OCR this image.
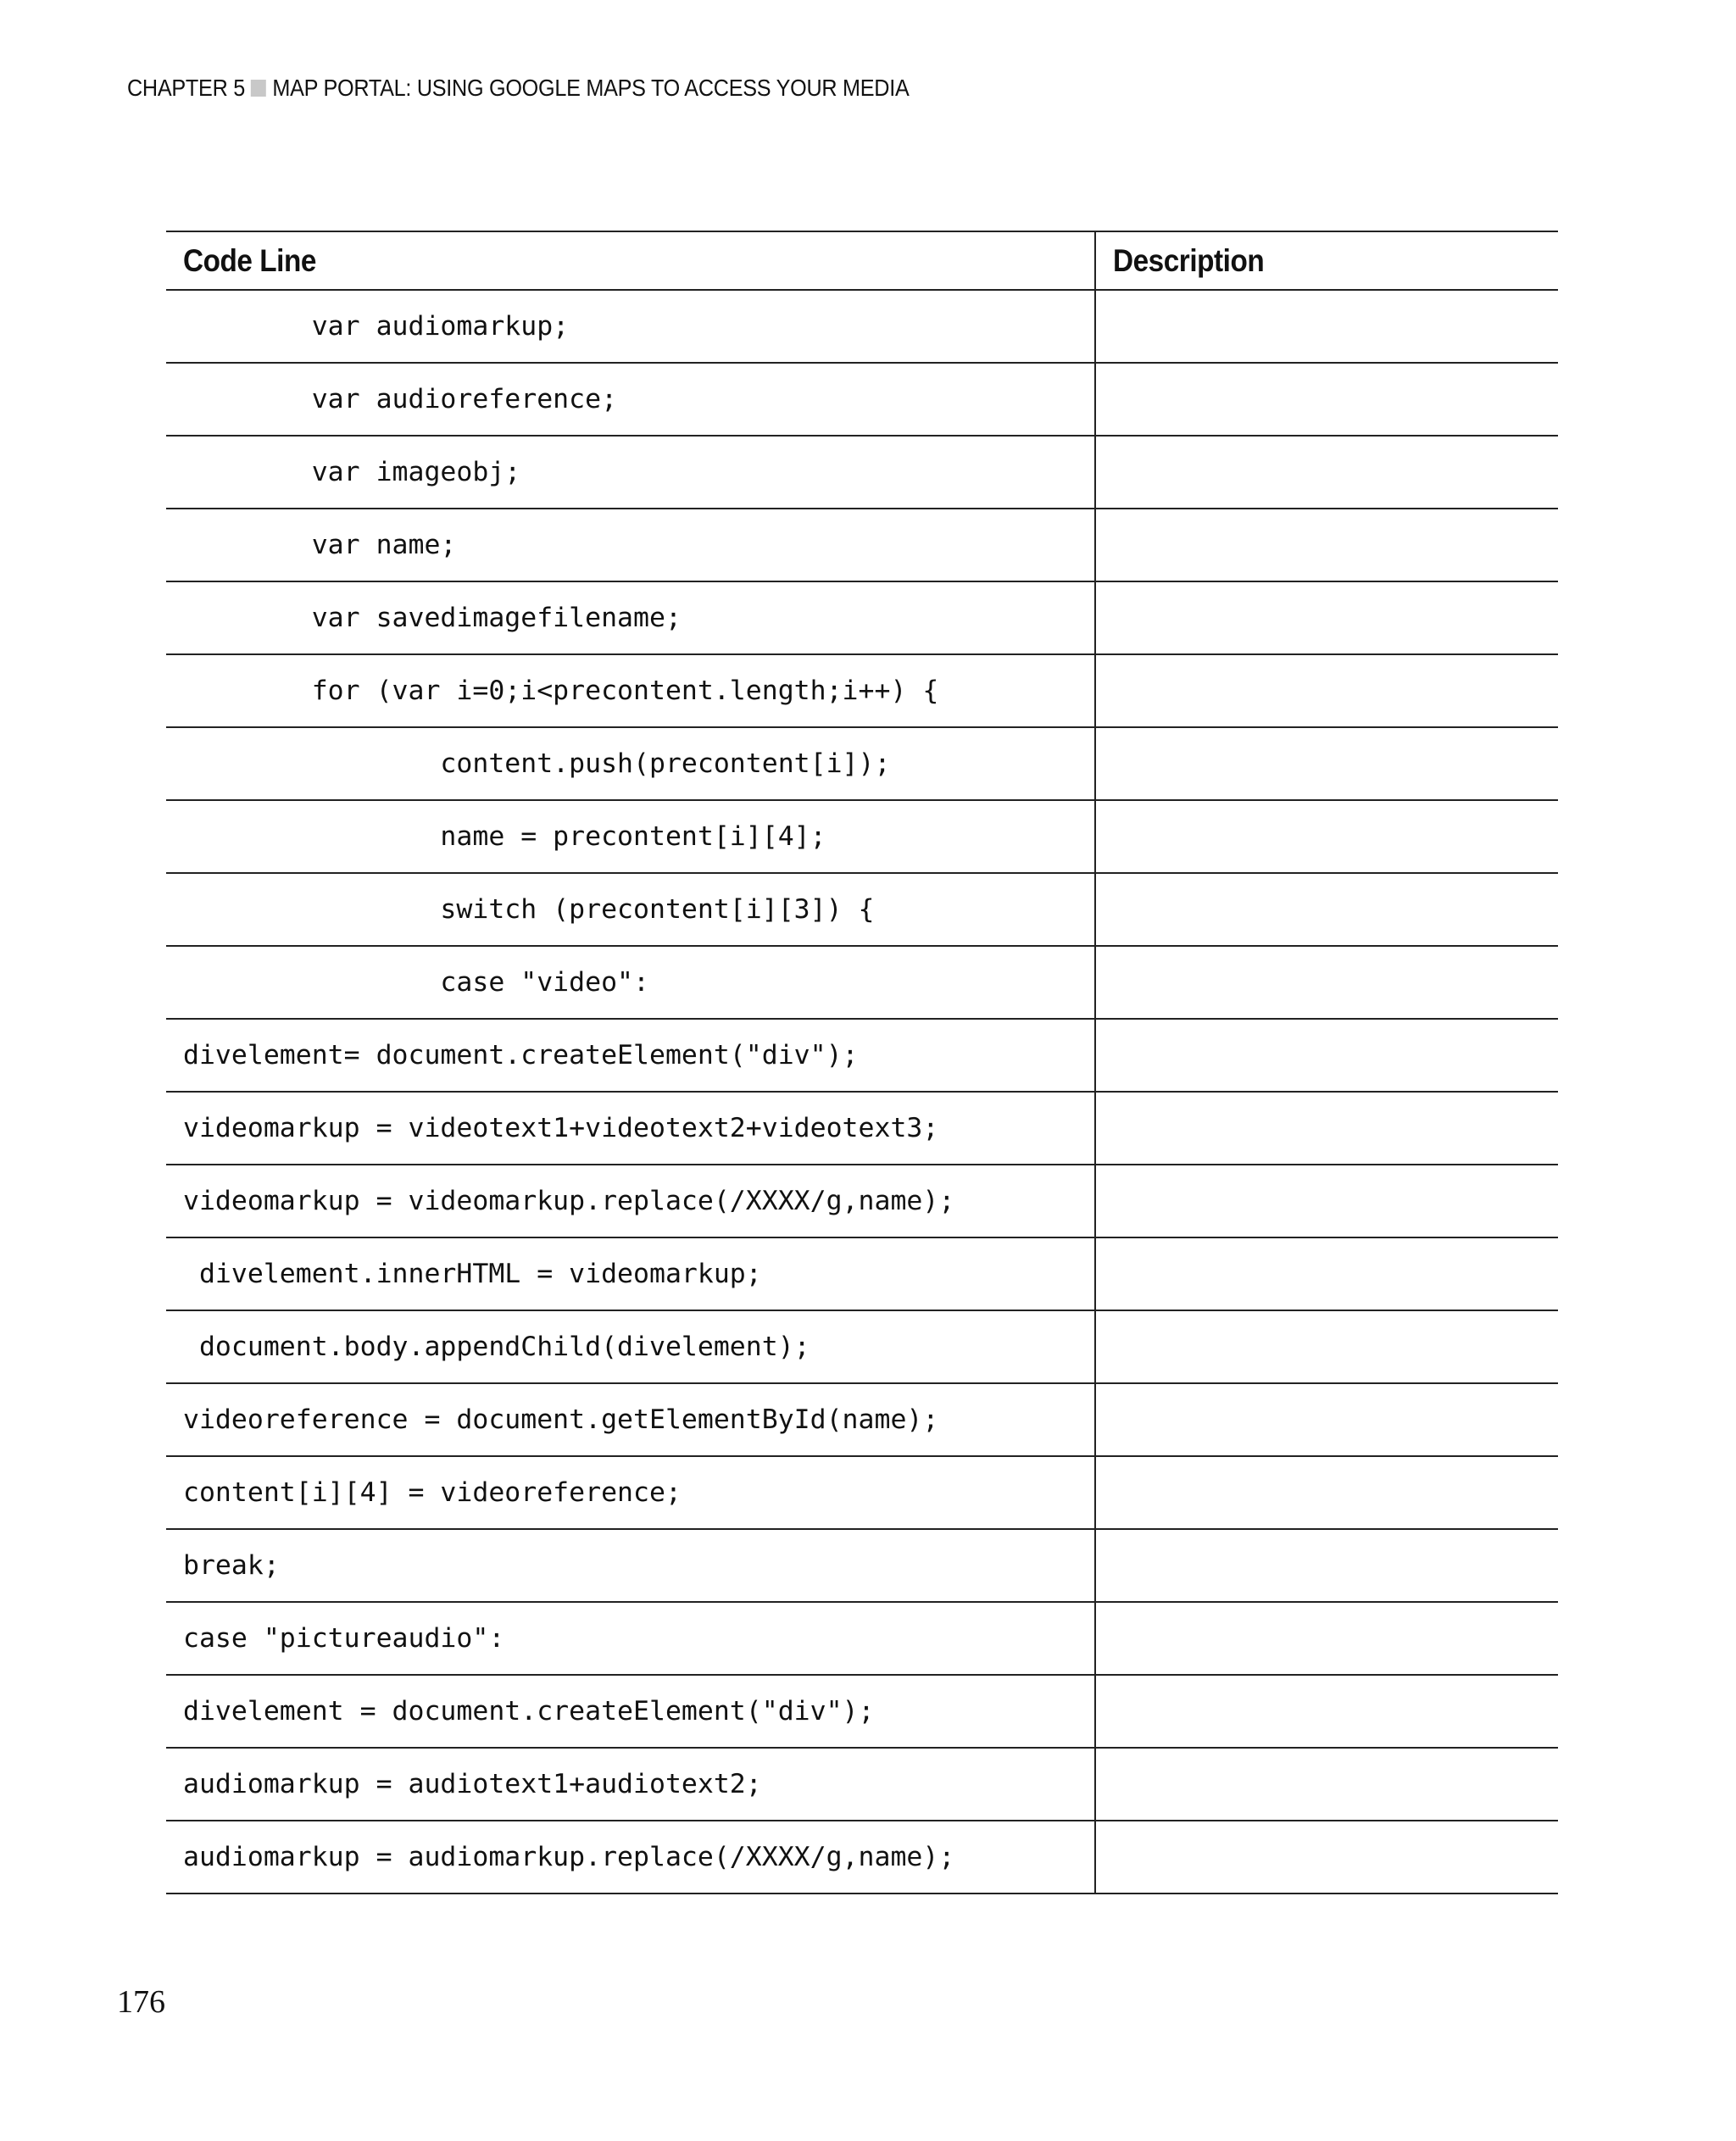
CHAPTER 5 MAP PORTAL: USING GOOGLE MAPS TO ACCESS YOUR MEDIA
Code Line	Description
var audiomarkup;	
var audioreference;	
var imageobj;	
var name;	
var savedimagefilename;	
for (var i=0;i<precontent.length;i++) {	
content.push(precontent[i]);	
name = precontent[i][4];	
switch (precontent[i][3]) {	
case "video":	
divelement= document.createElement("div");	
videomarkup = videotext1+videotext2+videotext3;	
videomarkup = videomarkup.replace(/XXXX/g,name);	
divelement.innerHTML = videomarkup;	
document.body.appendChild(divelement);	
videoreference = document.getElementById(name);	
content[i][4] = videoreference;	
break;	
case "pictureaudio":	
divelement = document.createElement("div");	
audiomarkup = audiotext1+audiotext2;	
audiomarkup = audiomarkup.replace(/XXXX/g,name);	
176
